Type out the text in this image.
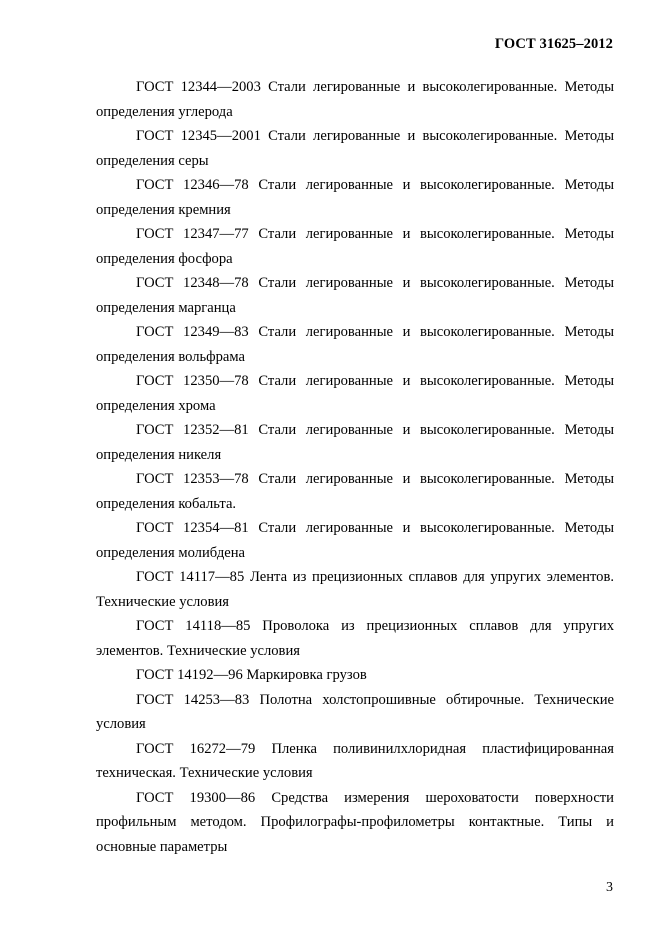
ГОСТ 31625–2012

ГОСТ 12344—2003 Стали легированные и высоколегированные. Методы определения углерода

ГОСТ 12345—2001 Стали легированные и высоколегированные. Методы определения серы

ГОСТ 12346—78 Стали легированные и высоколегированные. Методы определения кремния

ГОСТ 12347—77 Стали легированные и высоколегированные. Методы определения фосфора

ГОСТ 12348—78 Стали легированные и высоколегированные. Методы определения марганца

ГОСТ 12349—83 Стали легированные и высоколегированные. Методы определения вольфрама

ГОСТ 12350—78 Стали легированные и высоколегированные. Методы определения хрома

ГОСТ 12352—81 Стали легированные и высоколегированные. Методы определения никеля

ГОСТ 12353—78 Стали легированные и высоколегированные. Методы определения кобальта.

ГОСТ 12354—81 Стали легированные и высоколегированные. Методы определения молибдена

ГОСТ 14117—85 Лента из прецизионных сплавов для упругих элементов. Технические условия

ГОСТ 14118—85 Проволока из прецизионных сплавов для упругих элементов. Технические условия

ГОСТ 14192—96 Маркировка грузов

ГОСТ 14253—83 Полотна холстопрошивные обтирочные. Технические условия

ГОСТ 16272—79 Пленка поливинилхлоридная пластифицированная техническая. Технические условия

ГОСТ 19300—86 Средства измерения шероховатости поверхности профильным методом. Профилографы-профилометры контактные. Типы и основные параметры

3
